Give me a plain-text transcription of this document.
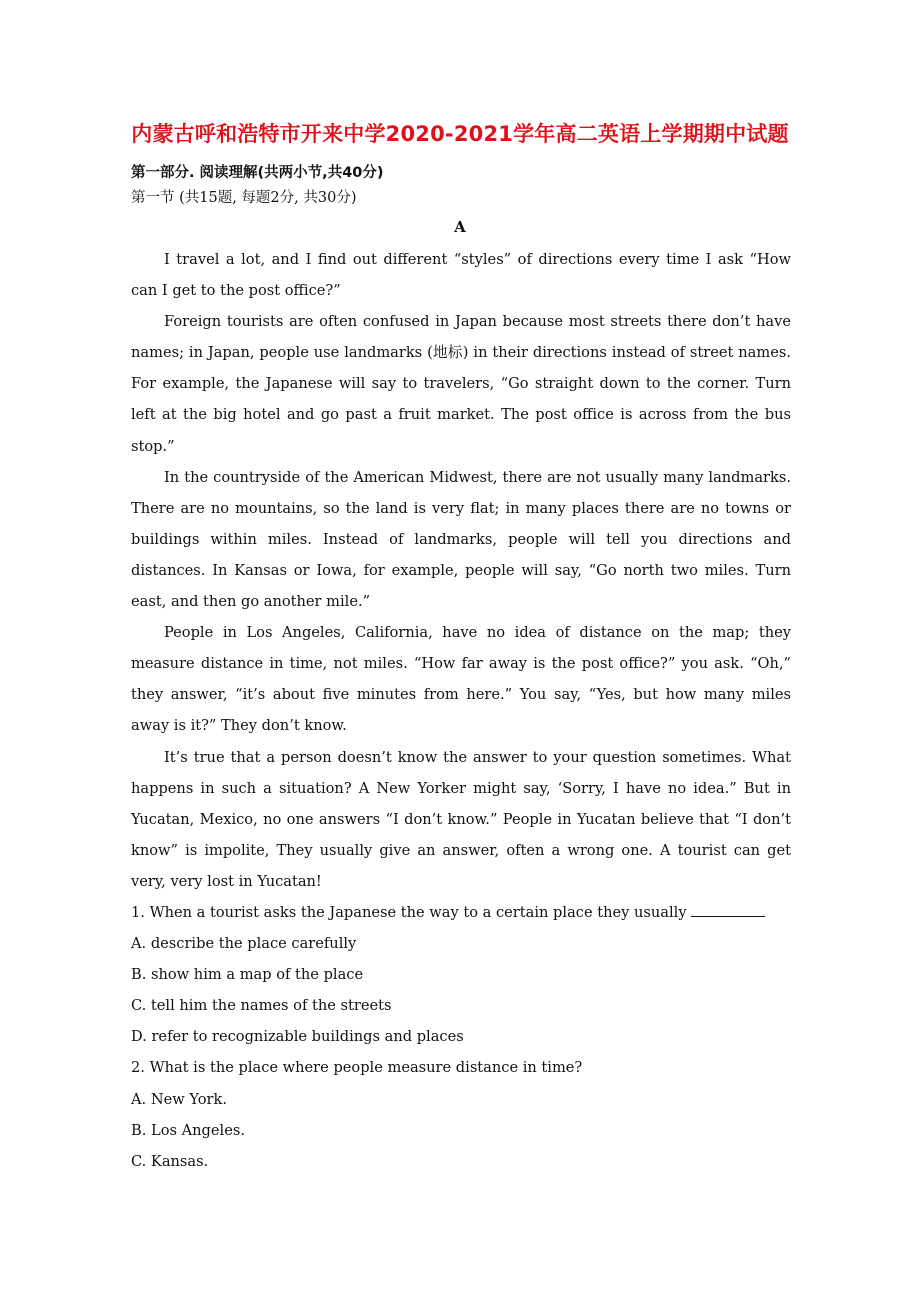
内蒙古呼和浩特市开来中学2020-2021学年高二英语上学期期中试题
第一部分. 阅读理解(共两小节,共40分)
第一节 (共15题, 每题2分, 共30分)
A

I travel a lot, and I find out different “styles” of directions every time I ask “How can I get to the post office?”

Foreign tourists are often confused in Japan because most streets there don’t have names; in Japan, people use landmarks (地标) in their directions instead of street names. For example, the Japanese will say to travelers, “Go straight down to the corner. Turn left at the big hotel and go past a fruit market. The post office is across from the bus stop.”

In the countryside of the American Midwest, there are not usually many landmarks. There are no mountains, so the land is very flat; in many places there are no towns or buildings within miles. Instead of landmarks, people will tell you directions and distances. In Kansas or Iowa, for example, people will say, “Go north two miles. Turn east, and then go another mile.”

People in Los Angeles, California, have no idea of distance on the map; they measure distance in time, not miles. “How far away is the post office?” you ask. “Oh,” they answer, “it’s about five minutes from here.” You say, “Yes, but how many miles away is it?” They don’t know.

It’s true that a person doesn’t know the answer to your question sometimes. What happens in such a situation? A New Yorker might say, ‘Sorry, I have no idea.” But in Yucatan, Mexico, no one answers “I don’t know.” People in Yucatan believe that “I don’t know” is impolite, They usually give an answer, often a wrong one. A tourist can get very, very lost in Yucatan!

1. When a tourist asks the Japanese the way to a certain place they usually

A. describe the place carefully

B. show him a map of the place

C. tell him the names of the streets

D. refer to recognizable buildings and places

2. What is the place where people measure distance in time?

A. New York.

B. Los Angeles.

C. Kansas.
